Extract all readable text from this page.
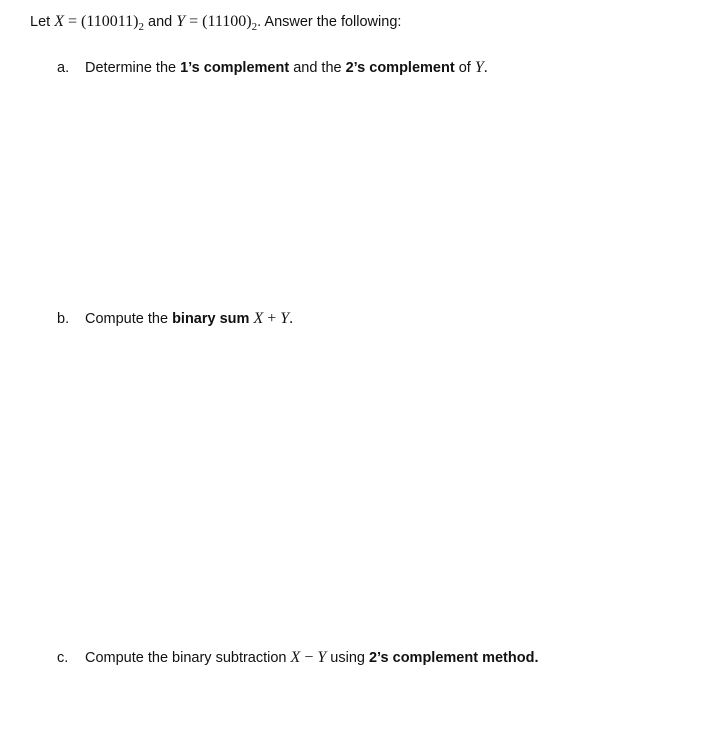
Let $X = (110011)_2$ and $Y = (11100)_2$. Answer the following:
a. Determine the 1’s complement and the 2’s complement of Y.
b. Compute the binary sum X + Y.
c. Compute the binary subtraction X − Y using 2’s complement method.
